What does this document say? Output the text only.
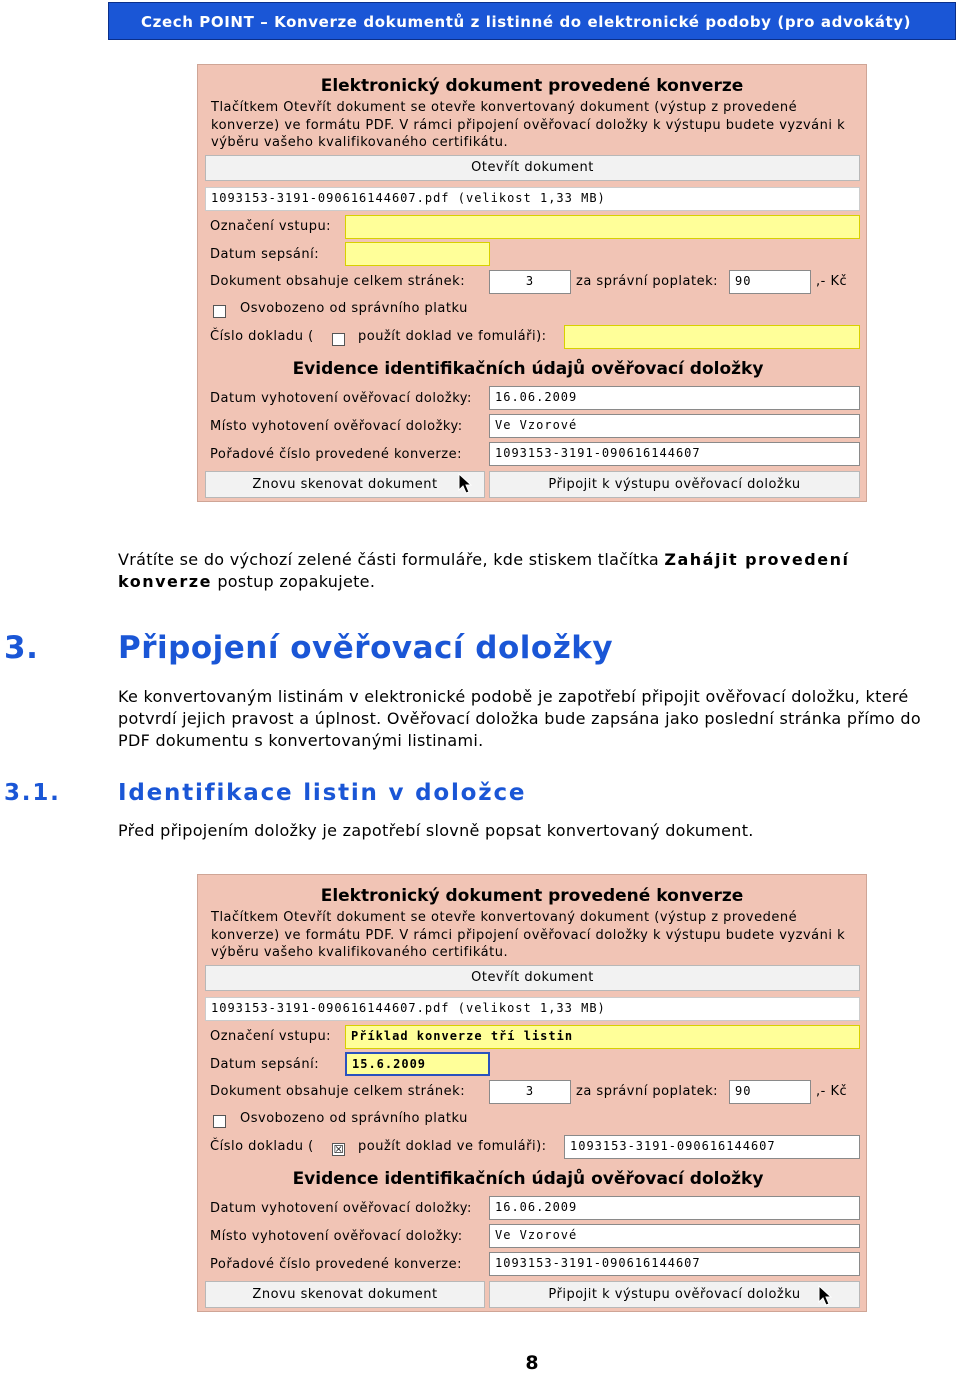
Czech POINT – Konverze dokumentů z listinné do elektronické podoby (pro advokáty)
Elektronický dokument provedené konverze
Tlačítkem Otevřít dokument se otevře konvertovaný dokument (výstup z provedené konverze) ve formátu PDF. V rámci připojení ověřovací doložky k výstupu budete vyzváni k výběru vašeho kvalifikovaného certifikátu.
Otevřít dokument
1093153-3191-090616144607.pdf (velikost 1,33 MB)
Označení vstupu:
Datum sepsání:
Dokument obsahuje celkem stránek:	3	za správní poplatek:	90	,- Kč
Osvobozeno od správního platku
Číslo dokladu (	použít doklad ve fomuláři):
Evidence identifikačních údajů ověřovací doložky
Datum vyhotovení ověřovací doložky:	16.06.2009
Místo vyhotovení ověřovací doložky:	Ve Vzorové
Pořadové číslo provedené konverze:	1093153-3191-090616144607
Znovu skenovat dokument	Připojit k výstupu ověřovací doložku
Vrátíte se do výchozí zelené části formuláře, kde stiskem tlačítka Zahájit provedení konverze postup zopakujete.
3.	Připojení ověřovací doložky
Ke konvertovaným listinám v elektronické podobě je zapotřebí připojit ověřovací doložku, které potvrdí jejich pravost a úplnost. Ověřovací doložka bude zapsána jako poslední stránka přímo do PDF dokumentu s konvertovanými listinami.
3.1. Identifikace listin v doložce
Před připojením doložky je zapotřebí slovně popsat konvertovaný dokument.
Elektronický dokument provedené konverze
Tlačítkem Otevřít dokument se otevře konvertovaný dokument (výstup z provedené konverze) ve formátu PDF. V rámci připojení ověřovací doložky k výstupu budete vyzváni k výběru vašeho kvalifikovaného certifikátu.
Otevřít dokument
1093153-3191-090616144607.pdf (velikost 1,33 MB)
Označení vstupu:	Příklad konverze tří listin
Datum sepsání:	15.6.2009
Dokument obsahuje celkem stránek:	3	za správní poplatek:	90	,- Kč
Osvobozeno od správního platku
Číslo dokladu ( ☒ použít doklad ve fomuláři):	1093153-3191-090616144607
Evidence identifikačních údajů ověřovací doložky
Datum vyhotovení ověřovací doložky:	16.06.2009
Místo vyhotovení ověřovací doložky:	Ve Vzorové
Pořadové číslo provedené konverze:	1093153-3191-090616144607
Znovu skenovat dokument	Připojit k výstupu ověřovací doložku
8
